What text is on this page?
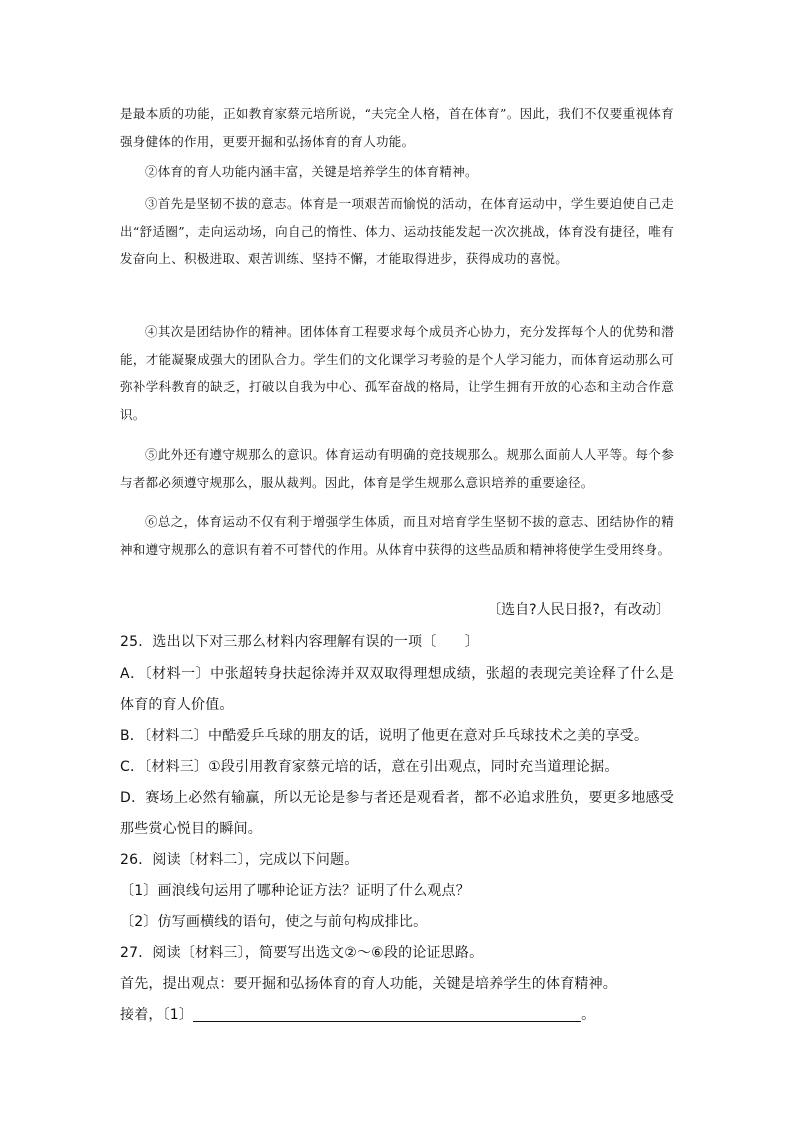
是最本质的功能，正如教育家蔡元培所说，“夫完全人格，首在体育”。因此，我们不仅要重视体育强身健体的作用，更要开掘和弘扬体育的育人功能。

②体育的育人功能内涵丰富，关键是培养学生的体育精神。

③首先是坚韧不拔的意志。体育是一项艰苦而愉悦的活动，在体育运动中，学生要迫使自己走出“舒适圈”，走向运动场，向自己的惰性、体力、运动技能发起一次次挑战，体育没有捷径，唯有发奋向上、积极进取、艰苦训练、坚持不懈，才能取得进步，获得成功的喜悦。

④其次是团结协作的精神。团体体育工程要求每个成员齐心协力，充分发挥每个人的优势和潜能，才能凝聚成强大的团队合力。学生们的文化课学习考验的是个人学习能力，而体育运动那么可弥补学科教育的缺乏，打破以自我为中心、孤军奋战的格局，让学生拥有开放的心态和主动合作意识。

⑤此外还有遵守规那么的意识。体育运动有明确的竞技规那么。规那么面前人人平等。每个参与者都必须遵守规那么，服从裁判。因此，体育是学生规那么意识培养的重要途径。

⑥总之，体育运动不仅有利于增强学生体质，而且对培育学生坚韧不拔的意志、团结协作的精神和遵守规那么的意识有着不可替代的作用。从体育中获得的这些品质和精神将使学生受用终身。

〔选自?人民日报?，有改动〕

25．选出以下对三那么材料内容理解有误的一项〔　　〕

A．〔材料一〕中张超转身扶起徐涛并双双取得理想成绩，张超的表现完美诠释了什么是体育的育人价值。

B．〔材料二〕中酷爱乒乓球的朋友的话，说明了他更在意对乒乓球技术之美的享受。

C．〔材料三〕①段引用教育家蔡元培的话，意在引出观点，同时充当道理论据。

D．赛场上必然有输赢，所以无论是参与者还是观看者，都不必追求胜负，要更多地感受那些赏心悦目的瞬间。

26．阅读〔材料二〕，完成以下问题。

〔1〕画浪线句运用了哪种论证方法？证明了什么观点？

〔2〕仿写画横线的语句，使之与前句构成排比。

27．阅读〔材料三〕，简要写出选文②～⑥段的论证思路。

首先，提出观点：要开掘和弘扬体育的育人功能，关键是培养学生的体育精神。

接着，〔1〕	。
